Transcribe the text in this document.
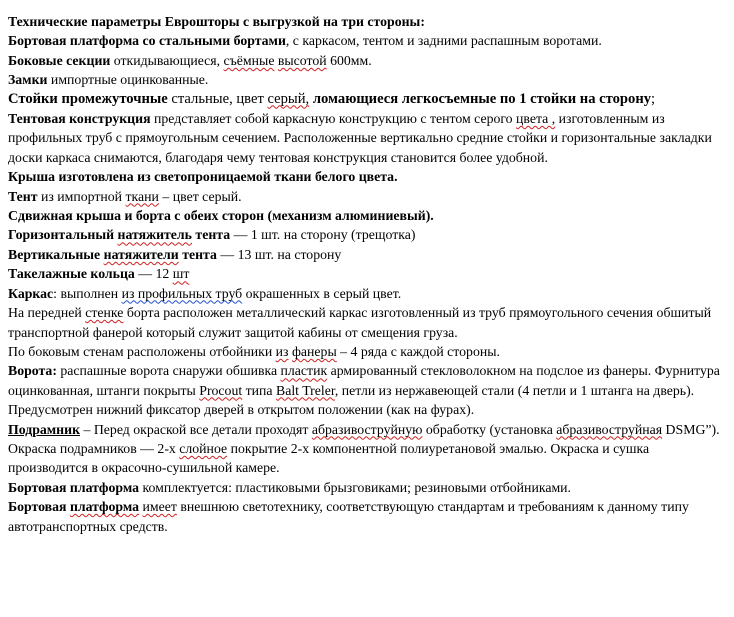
Технические параметры Еврошторы с выгрузкой на три стороны:

Бортовая платформа со стальными бортами, с каркасом, тентом и задними распашным воротами.

Боковые секции откидывающиеся, съёмные высотой 600мм.

Замки импортные оцинкованные.

Стойки промежуточные стальные, цвет серый, ломающиеся легкосъемные по 1 стойки на сторону;

Тентовая конструкция представляет собой каркасную конструкцию с тентом серого цвета , изготовленным из профильных труб с прямоугольным сечением. Расположенные вертикально средние стойки и горизонтальные закладки доски каркаса снимаются, благодаря чему тентовая конструкция становится более удобной.

Крыша изготовлена из светопроницаемой ткани белого цвета.

Тент из импортной ткани – цвет серый.

Сдвижная крыша и борта с обеих сторон (механизм алюминиевый).

Горизонтальный натяжитель тента — 1 шт. на сторону (трещотка)

Вертикальные натяжители тента — 13 шт. на сторону

Такелажные кольца — 12 шт

Каркас: выполнен из профильных труб окрашенных в серый цвет.

На передней стенке борта расположен металлический каркас изготовленный из труб прямоугольного сечения обшитый транспортной фанерой который служит защитой кабины от смещения груза.

По боковым стенам расположены отбойники из фанеры – 4 ряда с каждой стороны.

Ворота: распашные ворота снаружи обшивка пластик армированный стекловолокном на подслое из фанеры. Фурнитура оцинкованная, штанги покрыты Procout типа Balt Treler, петли из нержавеющей стали (4 петли и 1 штанга на дверь).

Предусмотрен нижний фиксатор дверей в открытом положении (как на фурах).

Подрамник – Перед окраской все детали проходят абразивоструйную обработку (установка абразивоструйная DSMG”). Окраска подрамников — 2-х слойное покрытие 2-х компонентной полиуретановой эмалью. Окраска и сушка производится в окрасочно-сушильной камере.

Бортовая платформа комплектуется: пластиковыми брызговиками; резиновыми отбойниками.

Бортовая платформа имеет внешнюю светотехнику, соответствующую стандартам и требованиям к данному типу автотранспортных средств.
